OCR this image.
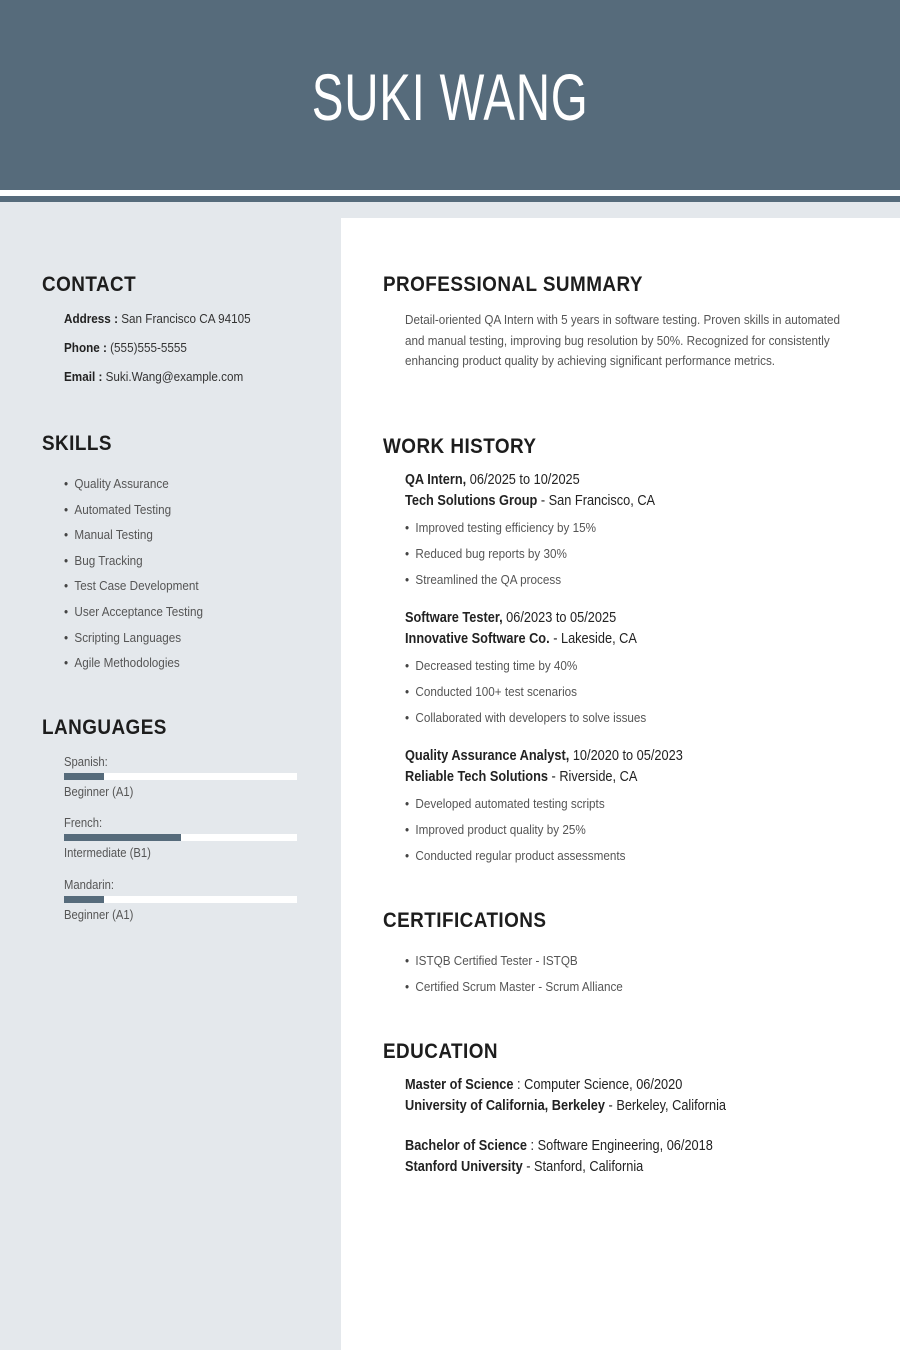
SUKI WANG
CONTACT
Address : San Francisco CA 94105
Phone : (555)555-5555
Email : Suki.Wang@example.com
SKILLS
• Quality Assurance
• Automated Testing
• Manual Testing
• Bug Tracking
• Test Case Development
• User Acceptance Testing
• Scripting Languages
• Agile Methodologies
LANGUAGES
Spanish:
Beginner (A1)
French:
Intermediate (B1)
Mandarin:
Beginner (A1)
PROFESSIONAL SUMMARY
Detail-oriented QA Intern with 5 years in software testing. Proven skills in automated and manual testing, improving bug resolution by 50%. Recognized for consistently enhancing product quality by achieving significant performance metrics.
WORK HISTORY
QA Intern, 06/2025 to 10/2025
Tech Solutions Group - San Francisco, CA
• Improved testing efficiency by 15%
• Reduced bug reports by 30%
• Streamlined the QA process
Software Tester, 06/2023 to 05/2025
Innovative Software Co. - Lakeside, CA
• Decreased testing time by 40%
• Conducted 100+ test scenarios
• Collaborated with developers to solve issues
Quality Assurance Analyst, 10/2020 to 05/2023
Reliable Tech Solutions - Riverside, CA
• Developed automated testing scripts
• Improved product quality by 25%
• Conducted regular product assessments
CERTIFICATIONS
• ISTQB Certified Tester - ISTQB
• Certified Scrum Master - Scrum Alliance
EDUCATION
Master of Science : Computer Science, 06/2020
University of California, Berkeley - Berkeley, California
Bachelor of Science : Software Engineering, 06/2018
Stanford University - Stanford, California
